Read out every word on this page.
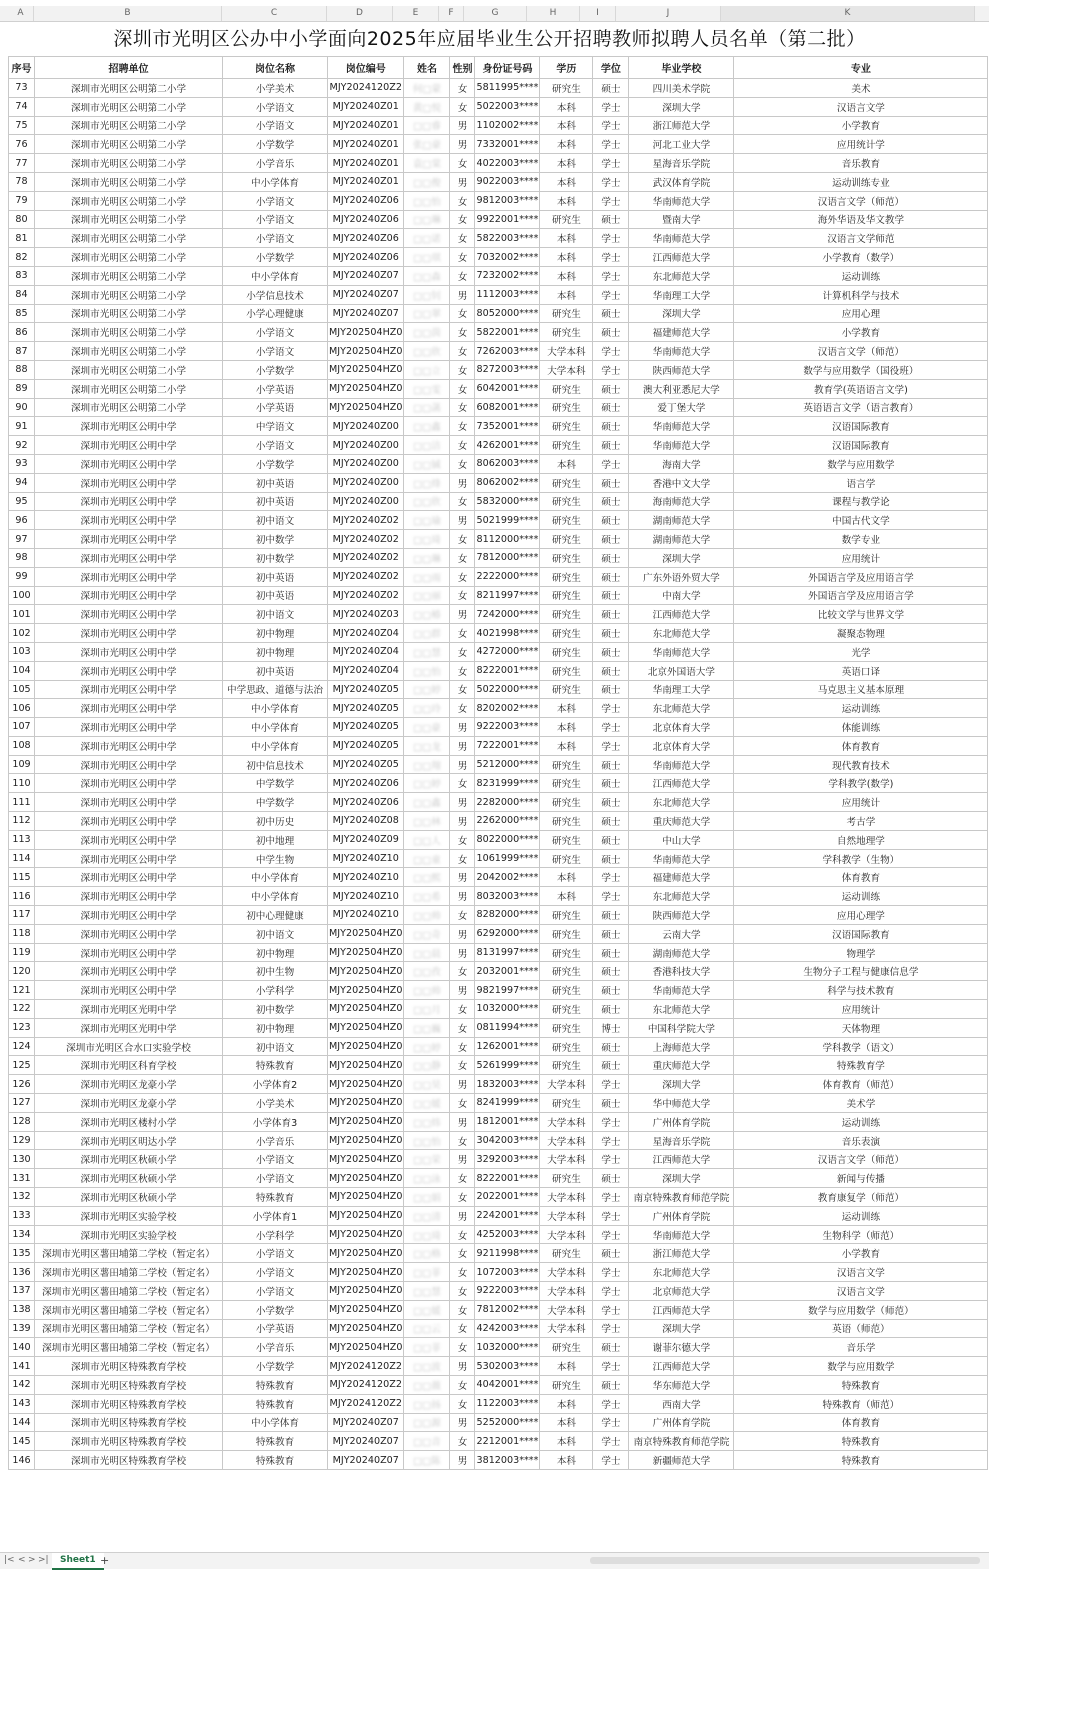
A	B	C	D	E	F	G	H	I	J	K
深圳市光明区公办中小学面向2025年应届毕业生公开招聘教师拟聘人员名单（第二批）
序号	招聘单位	岗位名称	岗位编号	姓名	性别	身份证号码	学历	学位	毕业学校	专业
73	深圳市光明区公明第二小学	小学美术	MJY2024120Z2	何□蒙	女	5811995****	研究生	硕士	四川美术学院	美术
74	深圳市光明区公明第二小学	小学语文	MJY20240Z01	黄□悦	女	5022003****	本科	学士	深圳大学	汉语言文学
75	深圳市光明区公明第二小学	小学语文	MJY20240Z01	□□睿	男	1102002****	本科	学士	浙江师范大学	小学教育
76	深圳市光明区公明第二小学	小学数学	MJY20240Z01	张□豪	男	7332001****	本科	学士	河北工业大学	应用统计学
77	深圳市光明区公明第二小学	小学音乐	MJY20240Z01	袁□棠	女	4022003****	本科	学士	星海音乐学院	音乐教育
78	深圳市光明区公明第二小学	中小学体育	MJY20240Z01	□□俊	男	9022003****	本科	学士	武汉体育学院	运动训练专业
79	深圳市光明区公明第二小学	小学语文	MJY20240Z06	□□怡	女	9812003****	本科	学士	华南师范大学	汉语言文学（师范）
80	深圳市光明区公明第二小学	小学语文	MJY20240Z06	□□琳	女	9922001****	研究生	硕士	暨南大学	海外华语及华文教学
81	深圳市光明区公明第二小学	小学语文	MJY20240Z06	□□诺	女	5822003****	本科	学士	华南师范大学	汉语言文学师范
82	深圳市光明区公明第二小学	小学数学	MJY20240Z06	□□琪	女	7032002****	本科	学士	江西师范大学	小学教育（数学）
83	深圳市光明区公明第二小学	中小学体育	MJY20240Z07	□□森	女	7232002****	本科	学士	东北师范大学	运动训练
84	深圳市光明区公明第二小学	小学信息技术	MJY20240Z07	□□钊	男	1112003****	本科	学士	华南理工大学	计算机科学与技术
85	深圳市光明区公明第二小学	小学心理健康	MJY20240Z07	□□翠	女	8052000****	研究生	硕士	深圳大学	应用心理
86	深圳市光明区公明第二小学	小学语文	MJY202504HZ0	□□茵	女	5822001****	研究生	硕士	福建师范大学	小学教育
87	深圳市光明区公明第二小学	小学语文	MJY202504HZ0	□□欣	女	7262003****	大学本科	学士	华南师范大学	汉语言文学（师范）
88	深圳市光明区公明第二小学	小学数学	MJY202504HZ0	□□立	女	8272003****	大学本科	学士	陕西师范大学	数学与应用数学（国役班）
89	深圳市光明区公明第二小学	小学英语	MJY202504HZ0	□□雯	女	6042001****	研究生	硕士	澳大利亚悉尼大学	教育学(英语语言文学)
90	深圳市光明区公明第二小学	小学英语	MJY202504HZ0	□□菡	女	6082001****	研究生	硕士	爱丁堡大学	英语语言文学（语言教育）
91	深圳市光明区公明中学	中学语文	MJY20240Z00	□□鑫	女	7352001****	研究生	硕士	华南师范大学	汉语国际教育
92	深圳市光明区公明中学	小学语文	MJY20240Z00	□□洁	女	4262001****	研究生	硕士	华南师范大学	汉语国际教育
93	深圳市光明区公明中学	小学数学	MJY20240Z00	□□铖	女	8062003****	本科	学士	海南大学	数学与应用数学
94	深圳市光明区公明中学	初中英语	MJY20240Z00	□□烽	男	8062002****	研究生	硕士	香港中文大学	语言学
95	深圳市光明区公明中学	初中英语	MJY20240Z00	□□欣	女	5832000****	研究生	硕士	海南师范大学	课程与教学论
96	深圳市光明区公明中学	初中语文	MJY20240Z02	□□瑜	男	5021999****	研究生	硕士	湖南师范大学	中国古代文学
97	深圳市光明区公明中学	初中数学	MJY20240Z02	□□琦	女	8112000****	研究生	硕士	湖南师范大学	数学专业
98	深圳市光明区公明中学	初中数学	MJY20240Z02	□□琳	女	7812000****	研究生	硕士	深圳大学	应用统计
99	深圳市光明区公明中学	初中英语	MJY20240Z02	□□雨	女	2222000****	研究生	硕士	广东外语外贸大学	外国语言学及应用语言学
100	深圳市光明区公明中学	初中英语	MJY20240Z02	□□丽	女	8211997****	研究生	硕士	中南大学	外国语言学及应用语言学
101	深圳市光明区公明中学	初中语文	MJY20240Z03	□□椿	男	7242000****	研究生	硕士	江西师范大学	比较文学与世界文学
102	深圳市光明区公明中学	初中物理	MJY20240Z04	□□群	女	4021998****	研究生	硕士	东北师范大学	凝聚态物理
103	深圳市光明区公明中学	初中物理	MJY20240Z04	□□慧	女	4272000****	研究生	硕士	华南师范大学	光学
104	深圳市光明区公明中学	初中英语	MJY20240Z04	□□怡	女	8222001****	研究生	硕士	北京外国语大学	英语口译
105	深圳市光明区公明中学	中学思政、道德与法治	MJY20240Z05	□□婷	女	5022000****	研究生	硕士	华南理工大学	马克思主义基本原理
106	深圳市光明区公明中学	中小学体育	MJY20240Z05	□□玲	女	8202002****	本科	学士	东北师范大学	运动训练
107	深圳市光明区公明中学	中小学体育	MJY20240Z05	□□豪	男	9222003****	本科	学士	北京体育大学	体能训练
108	深圳市光明区公明中学	中小学体育	MJY20240Z05	□□龙	男	7222001****	本科	学士	北京体育大学	体育教育
109	深圳市光明区公明中学	初中信息技术	MJY20240Z05	□□翔	男	5212000****	研究生	硕士	华南师范大学	现代教育技术
110	深圳市光明区公明中学	中学数学	MJY20240Z06	□□婷	女	8231999****	研究生	硕士	江西师范大学	学科教学(数学)
111	深圳市光明区公明中学	中学数学	MJY20240Z06	□□鑫	男	2282000****	研究生	硕士	东北师范大学	应用统计
112	深圳市光明区公明中学	初中历史	MJY20240Z08	□□林	男	2262000****	研究生	硕士	重庆师范大学	考古学
113	深圳市光明区公明中学	初中地理	MJY20240Z09	□□人	女	8022000****	研究生	硕士	中山大学	自然地理学
114	深圳市光明区公明中学	中学生物	MJY20240Z10	□□童	女	1061999****	研究生	硕士	华南师范大学	学科教学（生物）
115	深圳市光明区公明中学	中小学体育	MJY20240Z10	□□熙	男	2042002****	本科	学士	福建师范大学	体育教育
116	深圳市光明区公明中学	中小学体育	MJY20240Z10	□□希	男	8032003****	本科	学士	东北师范大学	运动训练
117	深圳市光明区公明中学	初中心理健康	MJY20240Z10	□□帅	女	8282000****	研究生	硕士	陕西师范大学	应用心理学
118	深圳市光明区公明中学	初中语文	MJY202504HZ0	□□奇	男	6292000****	研究生	硕士	云南大学	汉语国际教育
119	深圳市光明区公明中学	初中物理	MJY202504HZ0	□□晨	男	8131997****	研究生	硕士	湖南师范大学	物理学
120	深圳市光明区公明中学	初中生物	MJY202504HZ0	□□孜	女	2032001****	研究生	硕士	香港科技大学	生物分子工程与健康信息学
121	深圳市光明区公明中学	小学科学	MJY202504HZ0	□□帅	男	9821997****	研究生	硕士	华南师范大学	科学与技术教育
122	深圳市光明区光明中学	初中数学	MJY202504HZ0	□□月	女	1032000****	研究生	硕士	东北师范大学	应用统计
123	深圳市光明区光明中学	初中物理	MJY202504HZ0	□□巍	女	0811994****	研究生	博士	中国科学院大学	天体物理
124	深圳市光明区合水口实验学校	初中语文	MJY202504HZ0	□□婷	女	1262001****	研究生	硕士	上海师范大学	学科教学（语文）
125	深圳市光明区科育学校	特殊教育	MJY202504HZ0	□□静	女	5261999****	研究生	硕士	重庆师范大学	特殊教育学
126	深圳市光明区龙豪小学	小学体育2	MJY202504HZ0	□□昊	男	1832003****	大学本科	学士	深圳大学	体育教育（师范）
127	深圳市光明区龙豪小学	小学美术	MJY202504HZ0	□□媛	女	8241999****	研究生	硕士	华中师范大学	美术学
128	深圳市光明区楼村小学	小学体育3	MJY202504HZ0	□□炜	男	1812001****	大学本科	学士	广州体育学院	运动训练
129	深圳市光明区明达小学	小学音乐	MJY202504HZ0	□□怡	女	3042003****	大学本科	学士	星海音乐学院	音乐表演
130	深圳市光明区秋硕小学	小学语文	MJY202504HZ0	□□荣	男	3292003****	大学本科	学士	江西师范大学	汉语言文学（师范）
131	深圳市光明区秋硕小学	小学语文	MJY202504HZ0	□□泳	女	8222001****	研究生	硕士	深圳大学	新闻与传播
132	深圳市光明区秋硕小学	特殊教育	MJY202504HZ0	□□娟	女	2022001****	大学本科	学士	南京特殊教育师范学院	教育康复学（师范）
133	深圳市光明区实验学校	小学体育1	MJY202504HZ0	□□清	男	2242001****	大学本科	学士	广州体育学院	运动训练
134	深圳市光明区实验学校	小学科学	MJY202504HZ0	□□琦	女	4252003****	大学本科	学士	华南师范大学	生物科学（师范）
135	深圳市光明区薯田埔第二学校（暂定名）	小学语文	MJY202504HZ0	□□格	女	9211998****	研究生	硕士	浙江师范大学	小学教育
136	深圳市光明区薯田埔第二学校（暂定名）	小学语文	MJY202504HZ0	□□菲	女	1072003****	大学本科	学士	东北师范大学	汉语言文学
137	深圳市光明区薯田埔第二学校（暂定名）	小学语文	MJY202504HZ0	□□慧	女	9222003****	大学本科	学士	北京师范大学	汉语言文学
138	深圳市光明区薯田埔第二学校（暂定名）	小学数学	MJY202504HZ0	□□媛	女	7812002****	大学本科	学士	江西师范大学	数学与应用数学（师范）
139	深圳市光明区薯田埔第二学校（暂定名）	小学英语	MJY202504HZ0	□□云	女	4242003****	大学本科	学士	深圳大学	英语（师范）
140	深圳市光明区薯田埔第二学校（暂定名）	小学音乐	MJY202504HZ0	□□菲	女	1032000****	研究生	硕士	谢菲尔德大学	音乐学
141	深圳市光明区特殊教育学校	小学数学	MJY2024120Z2	□□波	男	5302003****	本科	学士	江西师范大学	数学与应用数学
142	深圳市光明区特殊教育学校	特殊教育	MJY2024120Z2	□□薇	女	4042001****	研究生	硕士	华东师范大学	特殊教育
143	深圳市光明区特殊教育学校	特殊教育	MJY2024120Z2	□□扬	女	1122003****	本科	学士	西南大学	特殊教育（师范）
144	深圳市光明区特殊教育学校	中小学体育	MJY20240Z07	□□源	男	5252000****	本科	学士	广州体育学院	体育教育
145	深圳市光明区特殊教育学校	特殊教育	MJY20240Z07	□□音	女	2212001****	本科	学士	南京特殊教育师范学院	特殊教育
146	深圳市光明区特殊教育学校	特殊教育	MJY20240Z07	□□陈	男	3812003****	本科	学士	新疆师范大学	特殊教育
|< < > >|	Sheet1 +
